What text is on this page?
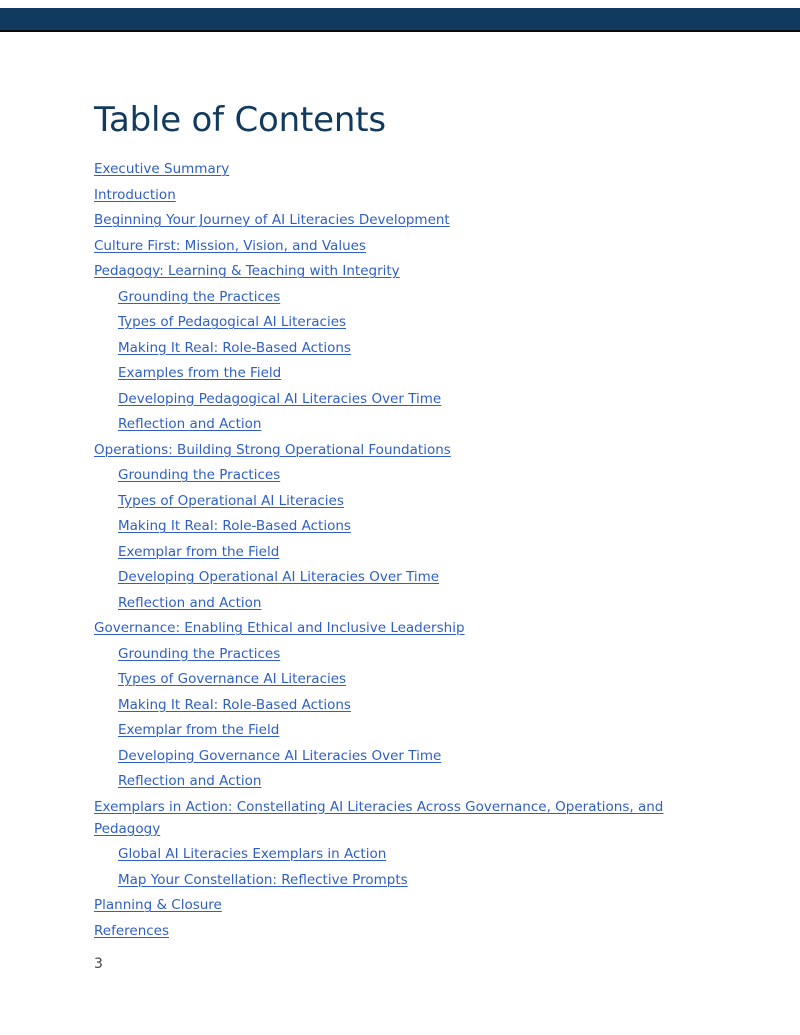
Table of Contents
Executive Summary
Introduction
Beginning Your Journey of AI Literacies Development
Culture First: Mission, Vision, and Values
Pedagogy: Learning & Teaching with Integrity
Grounding the Practices
Types of Pedagogical AI Literacies
Making It Real: Role-Based Actions
Examples from the Field
Developing Pedagogical AI Literacies Over Time
Reflection and Action
Operations: Building Strong Operational Foundations
Grounding the Practices
Types of Operational AI Literacies
Making It Real: Role-Based Actions
Exemplar from the Field
Developing Operational AI Literacies Over Time
Reflection and Action
Governance: Enabling Ethical and Inclusive Leadership
Grounding the Practices
Types of Governance AI Literacies
Making It Real: Role-Based Actions
Exemplar from the Field
Developing Governance AI Literacies Over Time
Reflection and Action
Exemplars in Action: Constellating AI Literacies Across Governance, Operations, and Pedagogy
Global AI Literacies Exemplars in Action
Map Your Constellation: Reflective Prompts
Planning & Closure
References
3
